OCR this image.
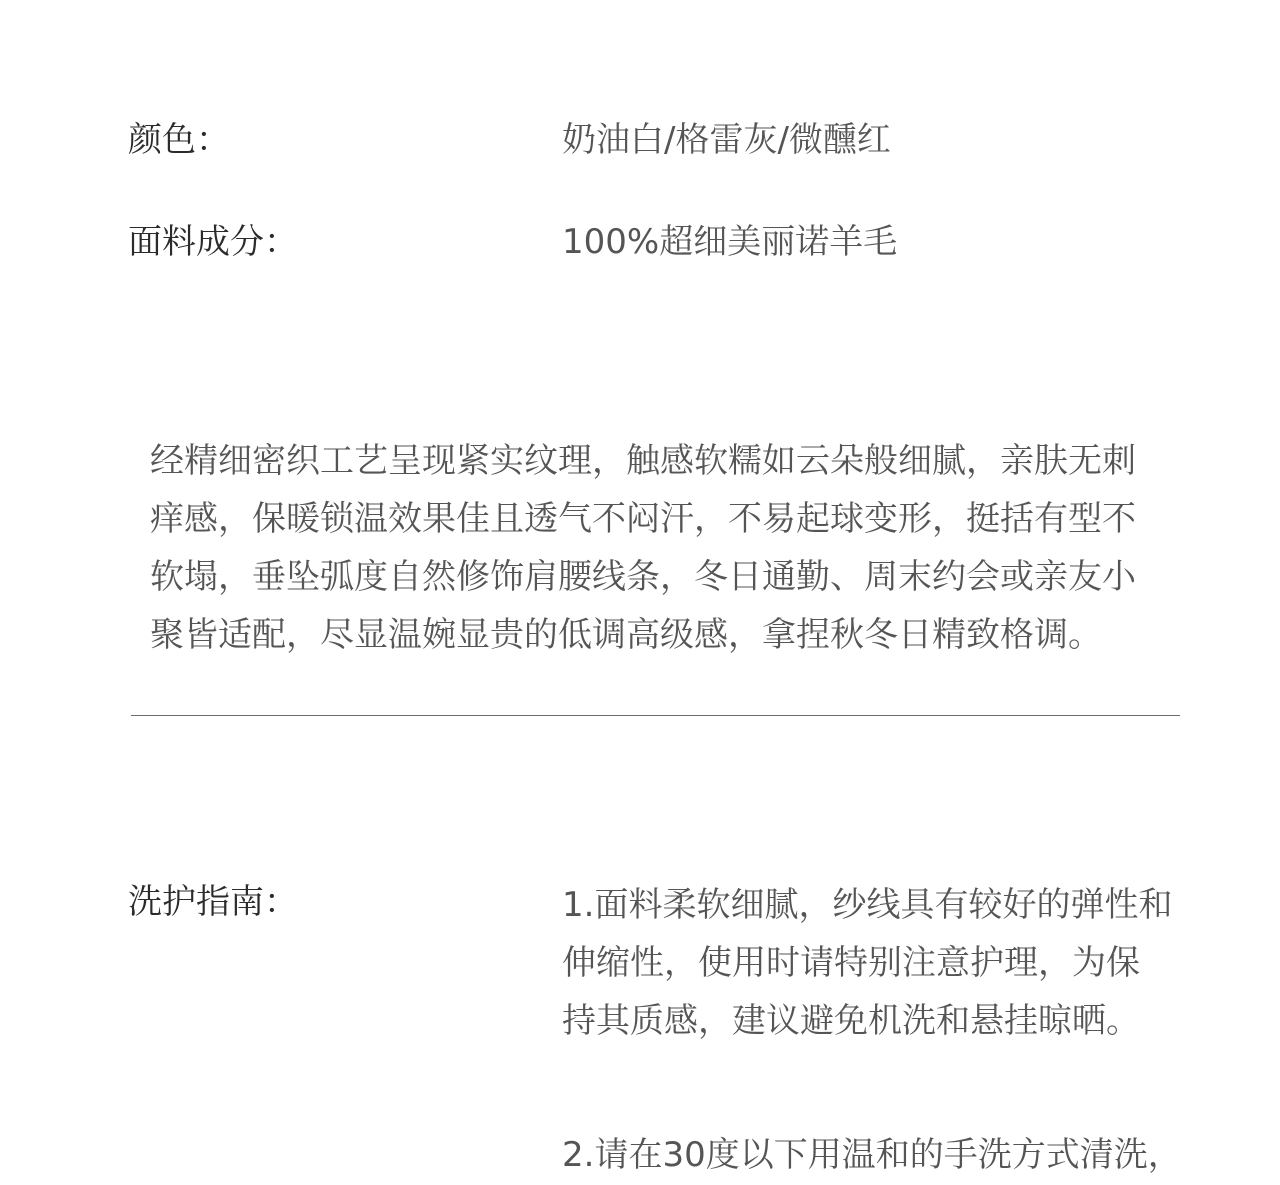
颜色：	奶油白/格雷灰/微醺红
面料成分：	100%超细美丽诺羊毛
经精细密织工艺呈现紧实纹理，触感软糯如云朵般细腻，亲肤无刺
痒感，保暖锁温效果佳且透气不闷汗，不易起球变形，挺括有型不
软塌，垂坠弧度自然修饰肩腰线条，冬日通勤、周末约会或亲友小
聚皆适配，尽显温婉显贵的低调高级感，拿捏秋冬日精致格调。
洗护指南：	1.面料柔软细腻，纱线具有较好的弹性和
伸缩性，使用时请特别注意护理，为保
持其质感，建议避免机洗和悬挂晾晒。
2.请在30度以下用温和的手洗方式清洗，
